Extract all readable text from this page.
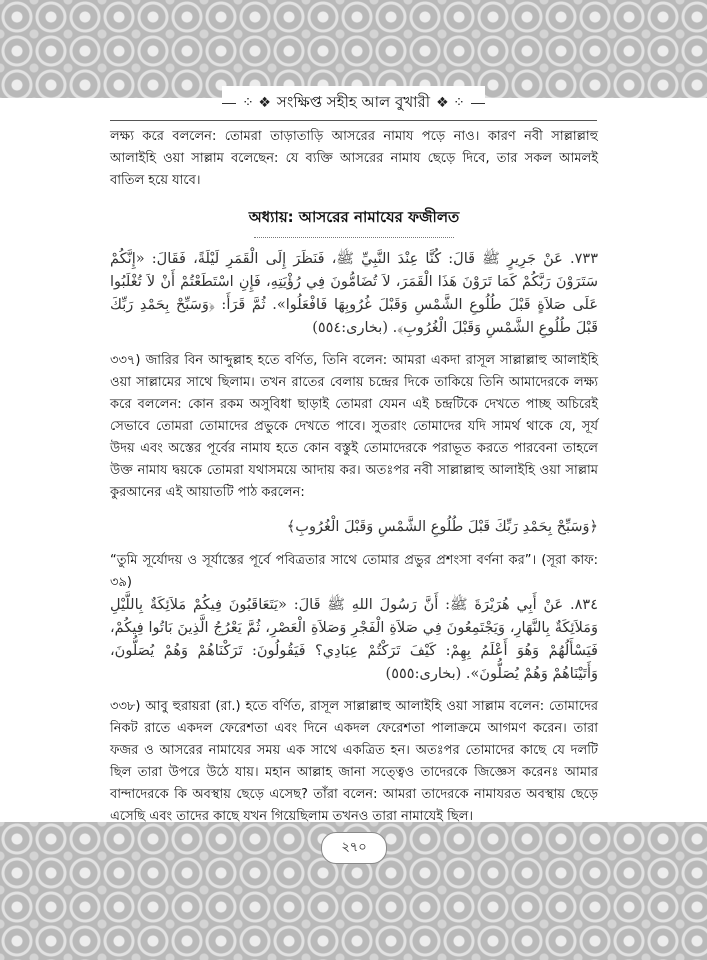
⁘ ❖ সংক্ষিপ্ত সহীহ আল বুখারী ❖ ⁘

লক্ষ্য করে বললেন: তোমরা তাড়াতাড়ি আসরের নামায পড়ে নাও। কারণ নবী সাল্লাল্লাহু আলাইহি ওয়া সাল্লাম বলেছেন: যে ব্যক্তি আসরের নামায ছেড়ে দিবে, তার সকল আমলই বাতিল হয়ে যাবে।

অধ্যায়: আসরের নামাযের ফজীলত

٧٣٣. عَنْ جَرِيرٍ ﷺ قَالَ: كُنَّا عِنْدَ النَّبِيِّ ﷺ، فَنَظَرَ إِلَى الْقَمَرِ لَيْلَةً، فَقَالَ: «إِنَّكُمْ سَتَرَوْنَ رَبَّكُمْ كَمَا تَرَوْنَ هَذَا الْقَمَرَ، لاَ تُضَامُّونَ فِي رُؤْيَتِهِ، فَإِنِ اسْتَطَعْتُمْ أَنْ لاَ تُغْلَبُوا عَلَى صَلاَةٍ قَبْلَ طُلُوعِ الشَّمْسِ وَقَبْلَ غُرُوبِهَا فَافْعَلُوا». ثُمَّ قَرَأَ: ﴿وَسَبِّحْ بِحَمْدِ رَبِّكَ قَبْلَ طُلُوعِ الشَّمْسِ وَقَبْلَ الْغُرُوبِ﴾. (بخارى:٥٥٤)

৩৩৭) জারির বিন আব্দুল্লাহ হতে বর্ণিত, তিনি বলেন: আমরা একদা রাসূল সাল্লাল্লাহু আলাইহি ওয়া সাল্লামের সাথে ছিলাম। তখন রাতের বেলায় চন্দ্রের দিকে তাকিয়ে তিনি আমাদেরকে লক্ষ্য করে বললেন: কোন রকম অসুবিধা ছাড়াই তোমরা যেমন এই চন্দ্রটিকে দেখতে পাচ্ছ অচিরেই সেভাবে তোমরা তোমাদের প্রভুকে দেখতে পাবে। সুতরাং তোমাদের যদি সামর্থ থাকে যে, সূর্য উদয় এবং অস্তের পূর্বের নামায হতে কোন বস্তুই তোমাদেরকে পরাভূত করতে পারবেনা তাহলে উক্ত নামায দ্বয়কে তোমরা যথাসময়ে আদায় কর। অতঃপর নবী সাল্লাল্লাহু আলাইহি ওয়া সাল্লাম কুরআনের এই আয়াতটি পাঠ করলেন:

﴿وَسَبِّحْ بِحَمْدِ رَبِّكَ قَبْلَ طُلُوعِ الشَّمْسِ وَقَبْلَ الْغُرُوبِ﴾

“তুমি সূর্যোদয় ও সূর্যাস্তের পূর্বে পবিত্রতার সাথে তোমার প্রভুর প্রশংসা বর্ণনা কর”। (সূরা কাফ: ৩৯)

٨٣٤. عَنْ أَبِي هُرَيْرَةَ ﷺ: أَنَّ رَسُولَ اللهِ ﷺ قَالَ: «يَتَعَاقَبُونَ فِيكُمْ مَلاَئِكَةٌ بِاللَّيْلِ وَمَلاَئِكَةٌ بِالنَّهَارِ، وَيَجْتَمِعُونَ فِي صَلاَةِ الْفَجْرِ وَصَلاَةِ الْعَصْرِ، ثُمَّ يَعْرُجُ الَّذِينَ بَاتُوا فِيكُمْ، فَيَسْأَلُهُمْ وَهُوَ أَعْلَمُ بِهِمْ: كَيْفَ تَرَكْتُمْ عِبَادِي؟ فَيَقُولُونَ: تَرَكْنَاهُمْ وَهُمْ يُصَلُّونَ، وَأَتَيْنَاهُمْ وَهُمْ يُصَلُّونَ». (بخارى:٥٥٥)

৩৩৮) আবু হুরায়রা (রা.) হতে বর্ণিত, রাসূল সাল্লাল্লাহু আলাইহি ওয়া সাল্লাম বলেন: তোমাদের নিকট রাতে একদল ফেরেশতা এবং দিনে একদল ফেরেশতা পালাক্রমে আগমণ করেন। তারা ফজর ও আসরের নামাযের সময় এক সাথে একত্রিত হন। অতঃপর তোমাদের কাছে যে দলটি ছিল তারা উপরে উঠে যায়। মহান আল্লাহ জানা সত্ত্বেও তাদেরকে জিজ্ঞেস করেনঃ আমার বান্দাদেরকে কি অবস্থায় ছেড়ে এসেছ? তাঁরা বলেন: আমরা তাদেরকে নামাযরত অবস্থায় ছেড়ে এসেছি এবং তাদের কাছে যখন গিয়েছিলাম তখনও তারা নামাযেই ছিল।

২৭০
